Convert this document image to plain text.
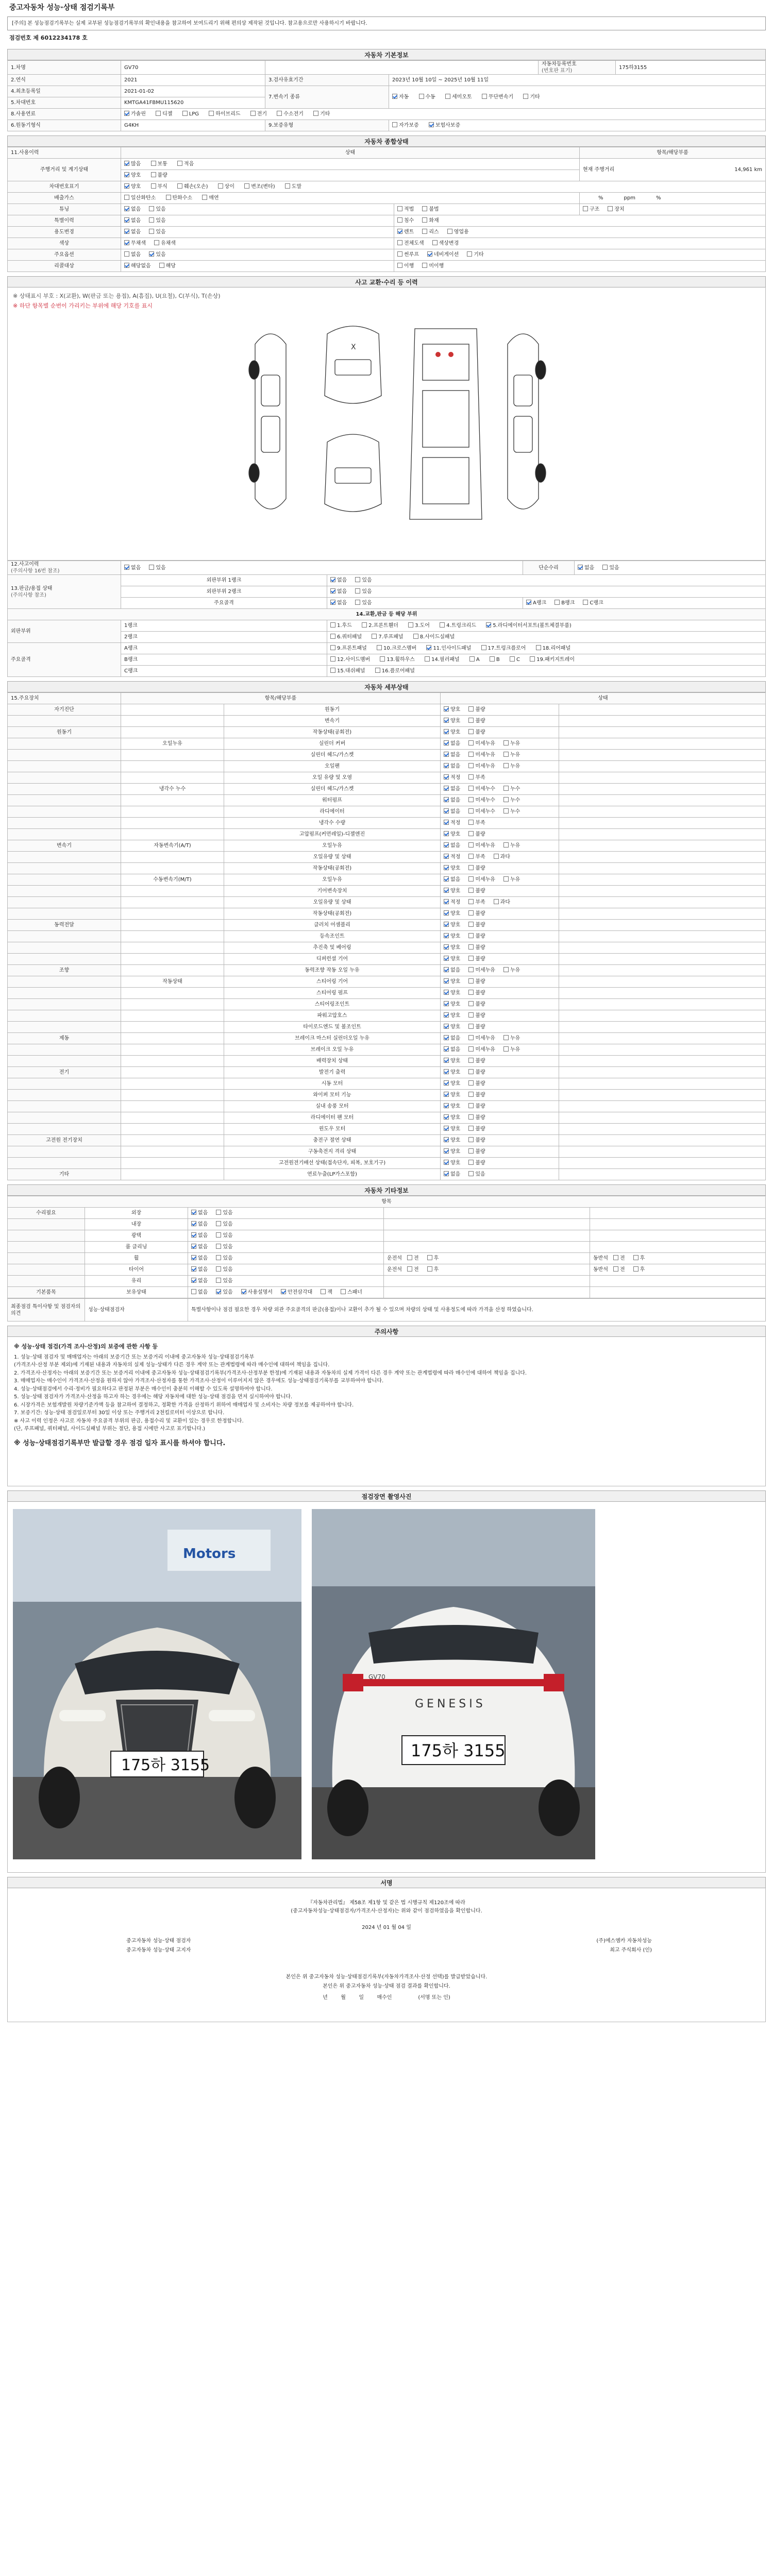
중고자동차 성능·상태 점검기록부
[주의] 본 성능점검기록부는 실제 교부된 성능점검기록부의 확인내용을 참고하여 보여드리기 위해 편의상 제작된 것입니다. 참고용으로만 사용하시기 바랍니다.
점검번호 제 6012234178 호
자동차 기본정보
1.차명	GV70			자동차등록번호
(번호판 표기)	175하3155
2.연식	2021	3.검사유효기간	2023년 10월 10일 ~ 2025년 10월 11일		
4.최초등록일	2021-01-02	7.변속기 종류	자동 수동 세미오토 무단변속기 기타		
5.차대번호	KMTGA41FBMU115620				
8.사용연료	가솔린 디젤 LPG 하이브리드 전기 수소전기 기타				
6.원동기형식	G4KH	9.보증유형	자가보증 보험사보증		
자동차 종합상태
11.사용이력	상태		항목/해당부품
주행거리 및 계기상태	많음 보통 적음		현재 주행거리 14,961 km

	양호 불량		
차대번호표기	양호 부식 훼손(오손) 상이 변조(변타) 도말		
배출가스	일산화탄소 탄화수소 매연		% ppm %
튜닝	없음 있음	적법 불법	구조 장치
특별이력	없음 있음	침수 화재	
용도변경	없음 있음	렌트 리스 영업용	
색상	무채색 유채색	전체도색 색상변경	
주요옵션	없음 있음	썬루프 네비게이션 기타	
리콜대상	해당없음 해당	이행 미이행	
사고 교환·수리 등 이력
※ 상태표시 부호 : X(교환), W(판금 또는 용접), A(흠집), U(요철), C(부식), T(손상)
※ 하단 항목별 순번이 가리키는 부위에 해당 기호를 표시
X
12.사고이력
(주의사항 16번 참조)	없음 있음		단순수리	없음 있음
13.판금/용접 상태
(주의사항 참조)	외판부위 1랭크	없음 있음		
	외판부위 2랭크	없음 있음		
	주요골격	없음 있음	A랭크 B랭크 C랭크	
14.교환,판금 등 해당 부위				
외판부위	1랭크	1.후드 2.프론트휀더 3.도어 4.트렁크리드 5.라디에이터서포트(볼트체결부품)		
	2랭크	6.쿼터패널 7.루프패널 8.사이드실패널		
주요골격	A랭크	9.프론트패널 10.크로스멤버 11.인사이드패널 17.트렁크플로어 18.리어패널		
	B랭크	12.사이드멤버 13.휠하우스 14.필러패널 A B C 19.패키지트레이		
	C랭크	15.대쉬패널 16.플로어패널		
자동차 세부상태
15.주요장치	항목/해당부품		상태	
자기진단		원동기	양호 불량	
		변속기	양호 불량	
원동기		작동상태(공회전)	양호 불량	
	오일누유	실린더 커버	없음 미세누유 누유	
		실린더 헤드/가스켓	없음 미세누유 누유	
		오일팬	없음 미세누유 누유	
		오일 유량 및 오염	적정 부족	
	냉각수 누수	실린더 헤드/가스켓	없음 미세누수 누수	
		워터펌프	없음 미세누수 누수	
		라디에이터	없음 미세누수 누수	
		냉각수 수량	적정 부족	
		고압펌프(커먼레일)-디젤엔진	양호 불량	
변속기	자동변속기(A/T)	오일누유	없음 미세누유 누유	
		오일유량 및 상태	적정 부족 과다	
		작동상태(공회전)	양호 불량	
	수동변속기(M/T)	오일누유	없음 미세누유 누유	
		기어변속장치	양호 불량	
		오일유량 및 상태	적정 부족 과다	
		작동상태(공회전)	양호 불량	
동력전달		클러치 어셈블리	양호 불량	
		등속조인트	양호 불량	
		추진축 및 베어링	양호 불량	
		디퍼런셜 기어	양호 불량	
조향		동력조향 작동 오일 누유	없음 미세누유 누유	
	작동상태	스티어링 기어	양호 불량	
		스티어링 펌프	양호 불량	
		스티어링조인트	양호 불량	
		파워고압호스	양호 불량	
		타이로드엔드 및 볼조인트	양호 불량	
제동		브레이크 마스터 실린더오일 누유	없음 미세누유 누유	
		브레이크 오일 누유	없음 미세누유 누유	
		배력장치 상태	양호 불량	
전기		발전기 출력	양호 불량	
		시동 모터	양호 불량	
		와이퍼 모터 기능	양호 불량	
		실내 송풍 모터	양호 불량	
		라디에이터 팬 모터	양호 불량	
		윈도우 모터	양호 불량	
고전원 전기장치		충전구 절연 상태	양호 불량	
		구동축전지 격리 상태	양호 불량	
		고전원전기배선 상태(접속단자, 피복, 보호기구)	양호 불량	
기타		연료누출(LP가스포함)	없음 있음	
자동차 기타정보
항목				
수리필요	외장	없음 있음		
	내장	없음 있음		
	광택	없음 있음		
	룸 클리닝	없음 있음		
	휠	없음 있음	운전석 전 후	동반석 전 후
	타이어	없음 있음	운전석 전 후	동반석 전 후
	유리	없음 있음		
기본품목	보유상태	없음 있음 사용설명서 안전삼각대 잭 스패너		
최종점검 특이사항 및 점검자의 의견	성능·상태점검자	특별사항이나 점검 필요한 경우 차량 외관 주요골격의 판금(용접)이나 교환이 추가 될 수 있으며 차량의 상태 및 사용정도에 따라 가격을 산정 하였습니다.
주의사항
※ 성능·상태 점검(가격 조사·산정)의 보증에 관한 사항 등
1. 성능·상태 점검자 및 매매업자는 아래의 보증기간 또는 보증거리 이내에 중고자동차 성능·상태점검기록부
(가격조사·산정 부분 제외)에 기재된 내용과 자동차의 실제 성능·상태가 다른 경우 계약 또는 관계법령에 따라 매수인에 대하여 책임을 집니다.
2. 가격조사·산정자는 아래의 보증기간 또는 보증거리 이내에 중고자동차 성능·상태점검기록부(가격조사·산정부분 한정)에 기재된 내용과 자동차의 실제 가격이 다른 경우 계약 또는 관계법령에 따라 매수인에 대하여 책임을 집니다.
3. 매매업자는 매수인이 가격조사·산정을 원하지 않아 가격조사·산정자를 통한 가격조사·산정이 이루어지지 않은 경우에도 성능·상태점검기록부를 교부하여야 합니다.
4. 성능·상태점검에서 수리·정비가 필요하다고 판정된 부분은 매수인이 충분히 이해할 수 있도록 설명하여야 합니다.
5. 성능·상태 점검자가 가격조사·산정을 하고자 하는 경우에는 해당 자동차에 대한 성능·상태 점검을 먼저 실시하여야 합니다.
6. 시장가격은 보험개발원 차량기준가액 등을 참고하여 결정하고, 정확한 가격을 산정하기 위하여 매매업자 및 소비자는 차량 정보를 제공하여야 합니다.
7. 보증기간: 성능·상태 점검일로부터 30일 이상 또는 주행거리 2천킬로미터 이상으로 합니다.
※ 사고 이력 인정은 사고로 자동차 주요골격 부위의 판금, 용접수리 및 교환이 있는 경우로 한정합니다.
(단, 루프패널, 쿼터패널, 사이드실패널 부위는 절단, 용접 시에만 사고로 표기합니다.)
※ 성능·상태점검기록부만 발급할 경우 점검 일자 표시를 하셔야 합니다.
점검장면 촬영사진
Motors
175하 3155
GENESIS
GV70
175하 3155
서명

『자동차관리법』 제58조 제1항 및 같은 법 시행규칙 제120조에 따라

(중고자동차성능·상태점검자/가격조사·산정자)는 위와 같이 점검하였음을 확인합니다.

2024 년 01 월 04 일

중고자동차 성능·상태 점검자	(주)에스엠카 자동차성능

중고자동차 성능·상태 고지자	최고 주식회사 (인)

본인은 위 중고자동차 성능·상태점검기록부(자동차가격조사·산정 선택)를 발급받았습니다.

본인은 위 중고자동차 성능·상태 점검 결과를 확인합니다.

년	월	일	매수인	(서명 또는 인)
